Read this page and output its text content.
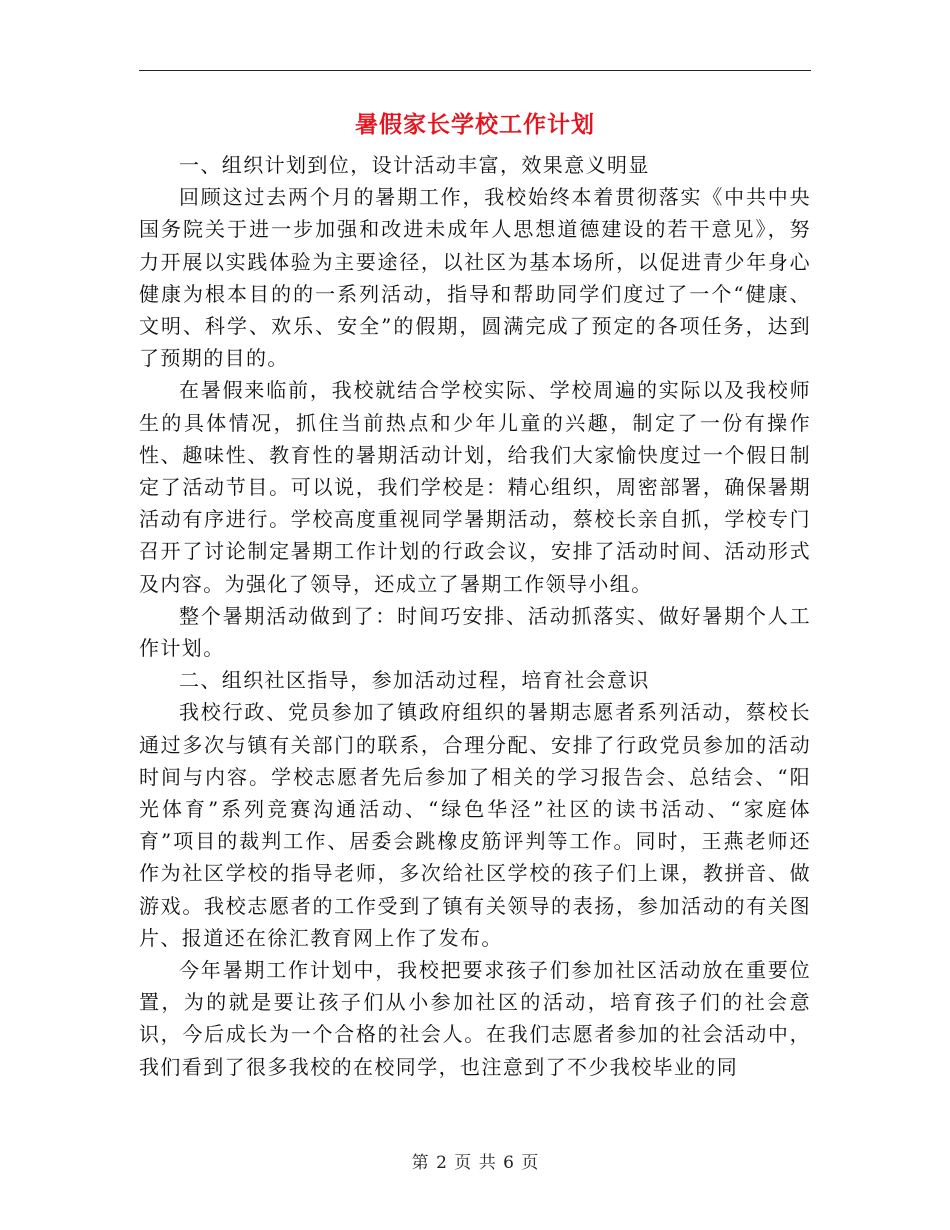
暑假家长学校工作计划

一、组织计划到位，设计活动丰富，效果意义明显

回顾这过去两个月的暑期工作，我校始终本着贯彻落实《中共中央国务院关于进一步加强和改进未成年人思想道德建设的若干意见》，努力开展以实践体验为主要途径，以社区为基本场所，以促进青少年身心健康为根本目的的一系列活动，指导和帮助同学们度过了一个“健康、文明、科学、欢乐、安全”的假期，圆满完成了预定的各项任务，达到了预期的目的。

在暑假来临前，我校就结合学校实际、学校周遍的实际以及我校师生的具体情况，抓住当前热点和少年儿童的兴趣，制定了一份有操作性、趣味性、教育性的暑期活动计划，给我们大家愉快度过一个假日制定了活动节目。可以说，我们学校是：精心组织，周密部署，确保暑期活动有序进行。学校高度重视同学暑期活动，蔡校长亲自抓，学校专门召开了讨论制定暑期工作计划的行政会议，安排了活动时间、活动形式及内容。为强化了领导，还成立了暑期工作领导小组。

整个暑期活动做到了：时间巧安排、活动抓落实、做好暑期个人工作计划。

二、组织社区指导，参加活动过程，培育社会意识

我校行政、党员参加了镇政府组织的暑期志愿者系列活动，蔡校长通过多次与镇有关部门的联系，合理分配、安排了行政党员参加的活动时间与内容。学校志愿者先后参加了相关的学习报告会、总结会、“阳光体育”系列竞赛沟通活动、“绿色华泾”社区的读书活动、“家庭体育”项目的裁判工作、居委会跳橡皮筋评判等工作。同时，王燕老师还作为社区学校的指导老师，多次给社区学校的孩子们上课，教拼音、做游戏。我校志愿者的工作受到了镇有关领导的表扬，参加活动的有关图片、报道还在徐汇教育网上作了发布。

今年暑期工作计划中，我校把要求孩子们参加社区活动放在重要位置，为的就是要让孩子们从小参加社区的活动，培育孩子们的社会意识，今后成长为一个合格的社会人。在我们志愿者参加的社会活动中，我们看到了很多我校的在校同学，也注意到了不少我校毕业的同

第 2 页 共 6 页
